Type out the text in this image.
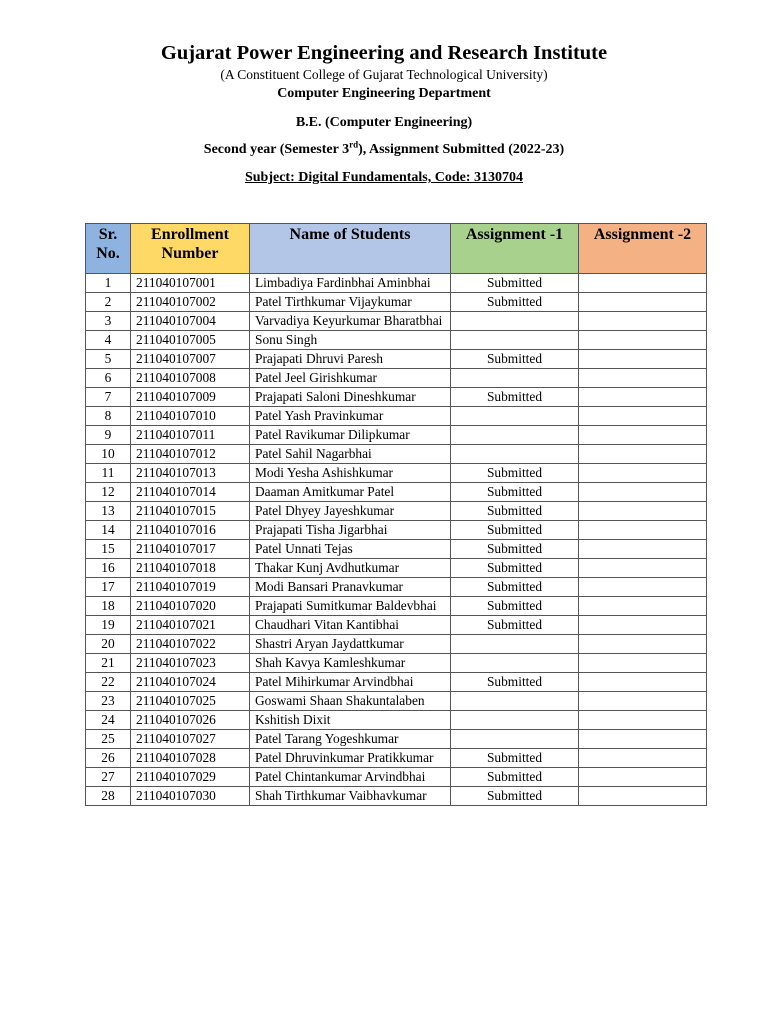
Gujarat Power Engineering and Research Institute
(A Constituent College of Gujarat Technological University)
Computer Engineering Department
B.E. (Computer Engineering)
Second year (Semester 3rd), Assignment Submitted (2022-23)
Subject: Digital Fundamentals, Code: 3130704
Sr. No.	Enrollment Number	Name of Students	Assignment -1	Assignment -2
1	211040107001	Limbadiya Fardinbhai Aminbhai	Submitted	
2	211040107002	Patel Tirthkumar Vijaykumar	Submitted	
3	211040107004	Varvadiya Keyurkumar Bharatbhai		
4	211040107005	Sonu Singh		
5	211040107007	Prajapati Dhruvi Paresh	Submitted	
6	211040107008	Patel Jeel Girishkumar		
7	211040107009	Prajapati Saloni Dineshkumar	Submitted	
8	211040107010	Patel Yash Pravinkumar		
9	211040107011	Patel Ravikumar Dilipkumar		
10	211040107012	Patel Sahil Nagarbhai		
11	211040107013	Modi Yesha Ashishkumar	Submitted	
12	211040107014	Daaman Amitkumar Patel	Submitted	
13	211040107015	Patel Dhyey Jayeshkumar	Submitted	
14	211040107016	Prajapati Tisha Jigarbhai	Submitted	
15	211040107017	Patel Unnati Tejas	Submitted	
16	211040107018	Thakar Kunj Avdhutkumar	Submitted	
17	211040107019	Modi Bansari Pranavkumar	Submitted	
18	211040107020	Prajapati Sumitkumar Baldevbhai	Submitted	
19	211040107021	Chaudhari Vitan Kantibhai	Submitted	
20	211040107022	Shastri Aryan Jaydattkumar		
21	211040107023	Shah Kavya Kamleshkumar		
22	211040107024	Patel Mihirkumar Arvindbhai	Submitted	
23	211040107025	Goswami Shaan Shakuntalaben		
24	211040107026	Kshitish Dixit		
25	211040107027	Patel Tarang Yogeshkumar		
26	211040107028	Patel Dhruvinkumar Pratikkumar	Submitted	
27	211040107029	Patel Chintankumar Arvindbhai	Submitted	
28	211040107030	Shah Tirthkumar Vaibhavkumar	Submitted	
